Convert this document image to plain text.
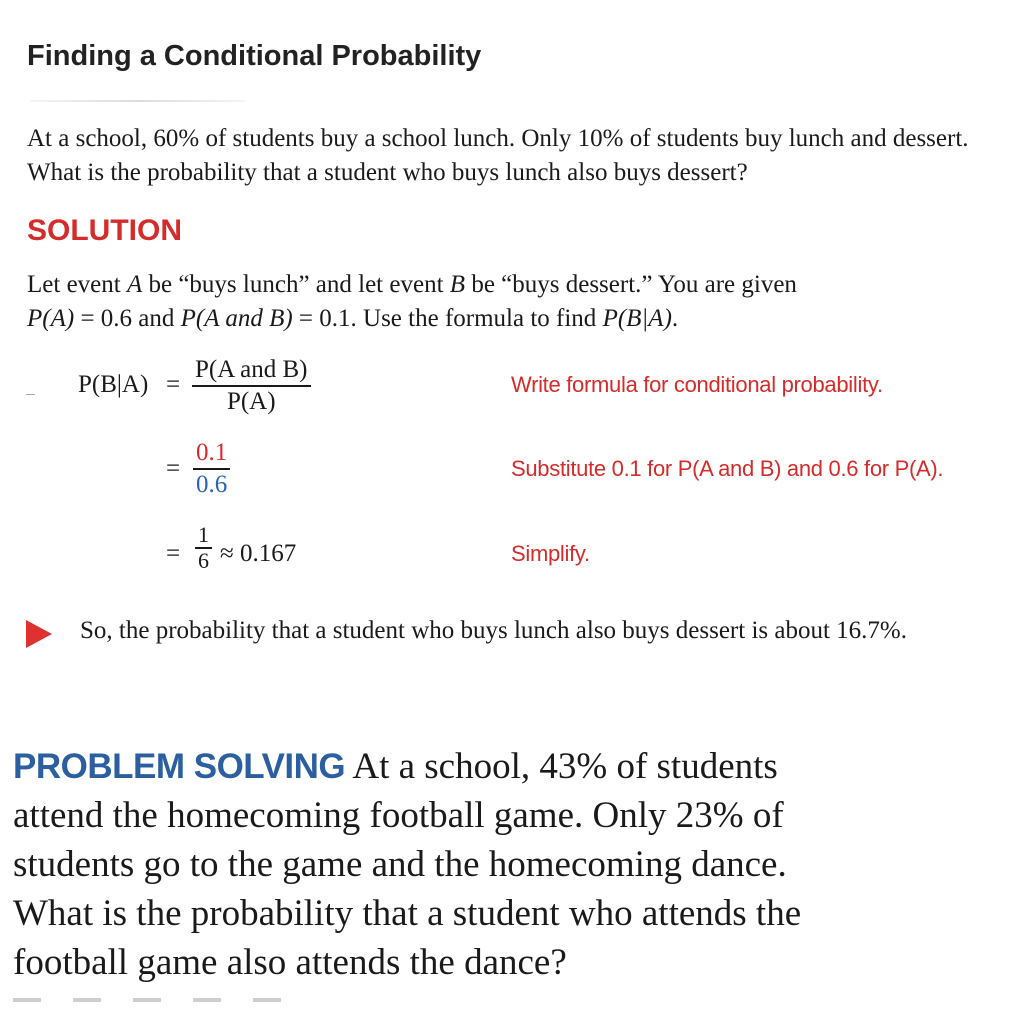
Finding a Conditional Probability

At a school, 60% of students buy a school lunch. Only 10% of students buy lunch and dessert. What is the probability that a student who buys lunch also buys dessert?

SOLUTION

Let event A be “buys lunch” and let event B be “buys dessert.” You are given
P(A) = 0.6 and P(A and B) = 0.1. Use the formula to find P(B|A).

P(B|A) =
P(A and B)
P(A)
Write formula for conditional probability.
=
0.1
0.6
Substitute 0.1 for P(A and B) and 0.6 for P(A).
=
1
6 ≈ 0.167	Simplify.

So, the probability that a student who buys lunch also buys dessert is about 16.7%.

PROBLEM SOLVING At a school, 43% of students attend the homecoming football game. Only 23% of students go to the game and the homecoming dance. What is the probability that a student who attends the football game also attends the dance?
